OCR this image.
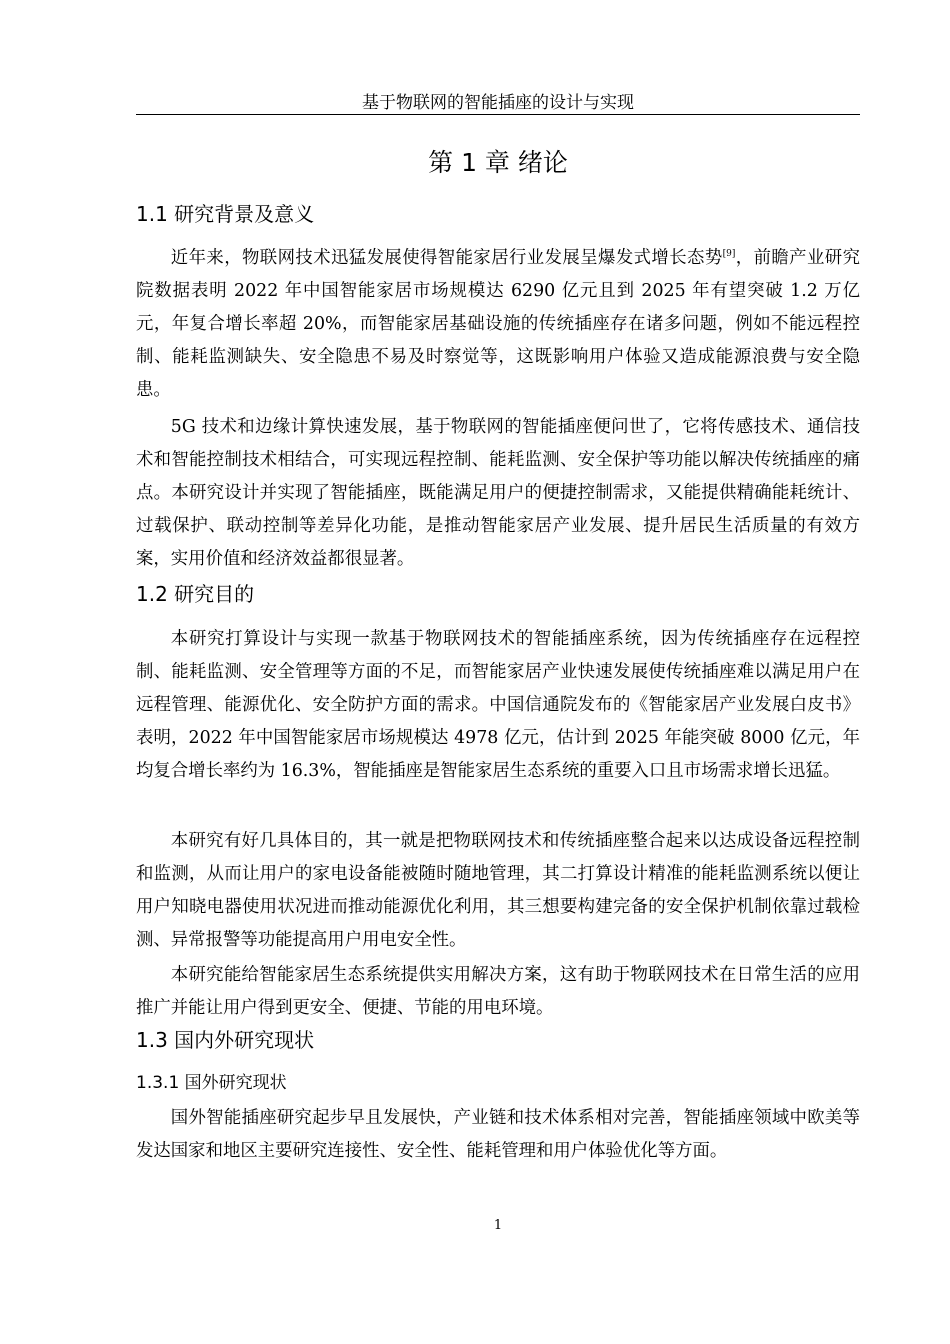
基于物联网的智能插座的设计与实现
第 1 章 绪论
1.1 研究背景及意义

近年来，物联网技术迅猛发展使得智能家居行业发展呈爆发式增长态势[9]，前瞻产业研究院数据表明 2022 年中国智能家居市场规模达 6290 亿元且到 2025 年有望突破 1.2 万亿元，年复合增长率超 20%，而智能家居基础设施的传统插座存在诸多问题，例如不能远程控制、能耗监测缺失、安全隐患不易及时察觉等，这既影响用户体验又造成能源浪费与安全隐患。

5G 技术和边缘计算快速发展，基于物联网的智能插座便问世了，它将传感技术、通信技术和智能控制技术相结合，可实现远程控制、能耗监测、安全保护等功能以解决传统插座的痛点。本研究设计并实现了智能插座，既能满足用户的便捷控制需求，又能提供精确能耗统计、过载保护、联动控制等差异化功能，是推动智能家居产业发展、提升居民生活质量的有效方案，实用价值和经济效益都很显著。

1.2 研究目的

本研究打算设计与实现一款基于物联网技术的智能插座系统，因为传统插座存在远程控制、能耗监测、安全管理等方面的不足，而智能家居产业快速发展使传统插座难以满足用户在远程管理、能源优化、安全防护方面的需求。中国信通院发布的《智能家居产业发展白皮书》表明，2022 年中国智能家居市场规模达 4978 亿元，估计到 2025 年能突破 8000 亿元，年均复合增长率约为 16.3%，智能插座是智能家居生态系统的重要入口且市场需求增长迅猛。

本研究有好几具体目的，其一就是把物联网技术和传统插座整合起来以达成设备远程控制和监测，从而让用户的家电设备能被随时随地管理，其二打算设计精准的能耗监测系统以便让用户知晓电器使用状况进而推动能源优化利用，其三想要构建完备的安全保护机制依靠过载检测、异常报警等功能提高用户用电安全性。

本研究能给智能家居生态系统提供实用解决方案，这有助于物联网技术在日常生活的应用推广并能让用户得到更安全、便捷、节能的用电环境。

1.3 国内外研究现状
1.3.1 国外研究现状

国外智能插座研究起步早且发展快，产业链和技术体系相对完善，智能插座领域中欧美等发达国家和地区主要研究连接性、安全性、能耗管理和用户体验优化等方面。

1
